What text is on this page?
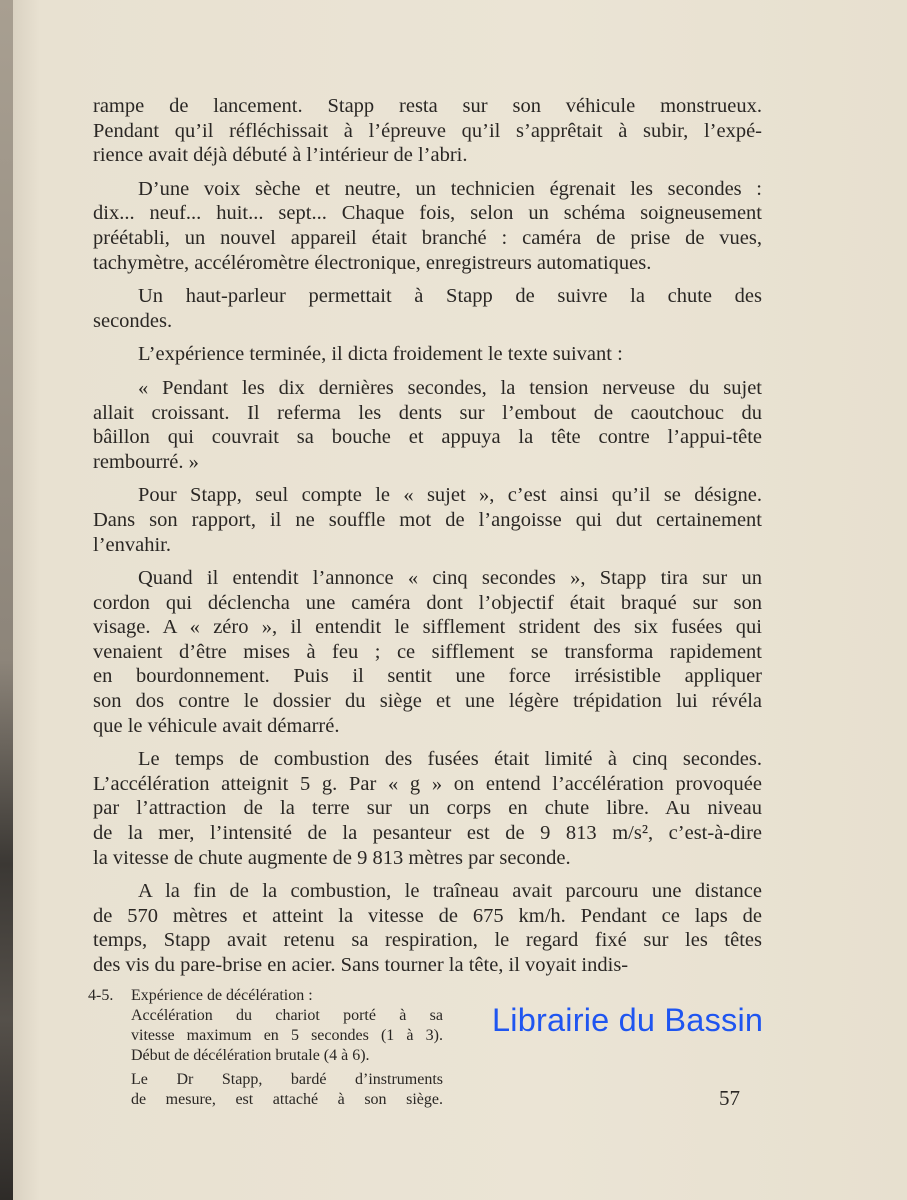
rampe de lancement. Stapp resta sur son véhicule monstrueux.
Pendant qu’il réfléchissait à l’épreuve qu’il s’apprêtait à subir, l’expé-
rience avait déjà débuté à l’intérieur de l’abri.
D’une voix sèche et neutre, un technicien égrenait les secondes :
dix... neuf... huit... sept... Chaque fois, selon un schéma soigneusement
préétabli, un nouvel appareil était branché : caméra de prise de vues,
tachymètre, accéléromètre électronique, enregistreurs automatiques.
Un haut-parleur permettait à Stapp de suivre la chute des
secondes.
L’expérience terminée, il dicta froidement le texte suivant :
« Pendant les dix dernières secondes, la tension nerveuse du sujet
allait croissant. Il referma les dents sur l’embout de caoutchouc du
bâillon qui couvrait sa bouche et appuya la tête contre l’appui-tête
rembourré. »
Pour Stapp, seul compte le « sujet », c’est ainsi qu’il se désigne.
Dans son rapport, il ne souffle mot de l’angoisse qui dut certainement
l’envahir.
Quand il entendit l’annonce « cinq secondes », Stapp tira sur un
cordon qui déclencha une caméra dont l’objectif était braqué sur son
visage. A « zéro », il entendit le sifflement strident des six fusées qui
venaient d’être mises à feu ; ce sifflement se transforma rapidement
en bourdonnement. Puis il sentit une force irrésistible appliquer
son dos contre le dossier du siège et une légère trépidation lui révéla
que le véhicule avait démarré.
Le temps de combustion des fusées était limité à cinq secondes.
L’accélération atteignit 5 g. Par « g » on entend l’accélération provoquée
par l’attraction de la terre sur un corps en chute libre. Au niveau
de la mer, l’intensité de la pesanteur est de 9 813 m/s², c’est-à-dire
la vitesse de chute augmente de 9 813 mètres par seconde.
A la fin de la combustion, le traîneau avait parcouru une distance
de 570 mètres et atteint la vitesse de 675 km/h. Pendant ce laps de
temps, Stapp avait retenu sa respiration, le regard fixé sur les têtes
des vis du pare-brise en acier. Sans tourner la tête, il voyait indis-
4-5. Expérience de décélération :
Accélération du chariot porté à sa
vitesse maximum en 5 secondes (1 à 3).
Début de décélération brutale (4 à 6).
Le Dr Stapp, bardé d’instruments
de mesure, est attaché à son siège.
Librairie du Bassin
57
